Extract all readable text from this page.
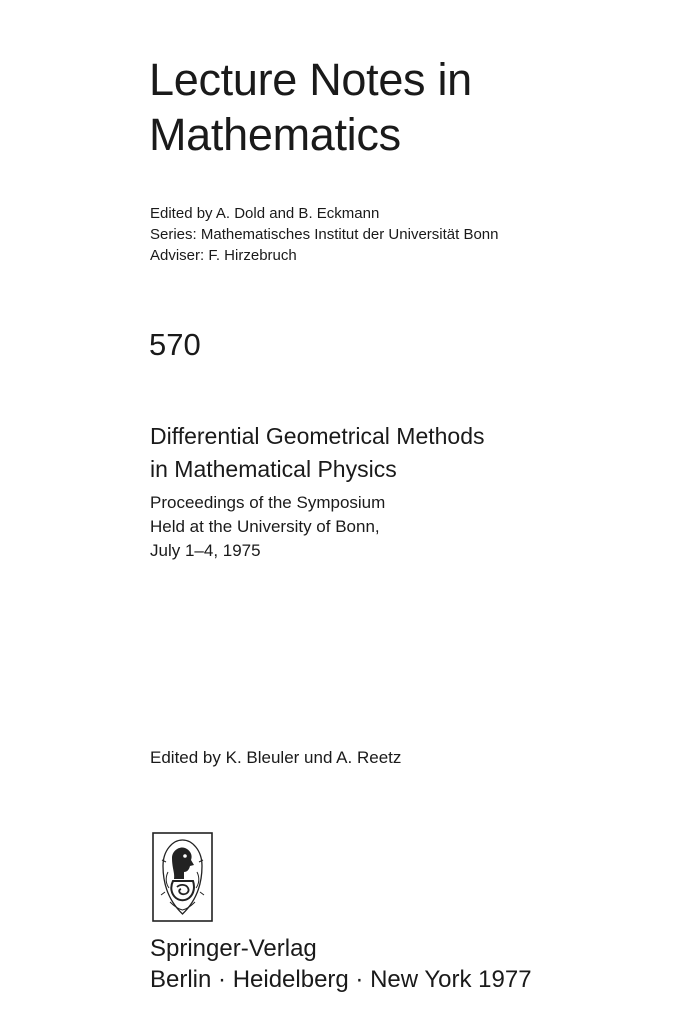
Lecture Notes in
Mathematics
Edited by A. Dold and B. Eckmann
Series: Mathematisches Institut der Universität Bonn
Adviser: F. Hirzebruch
570
Differential Geometrical Methods
in Mathematical Physics
Proceedings of the Symposium
Held at the University of Bonn,
July 1–4, 1975
Edited by K. Bleuler und A. Reetz
Springer-Verlag
Berlin · Heidelberg · New York 1977
